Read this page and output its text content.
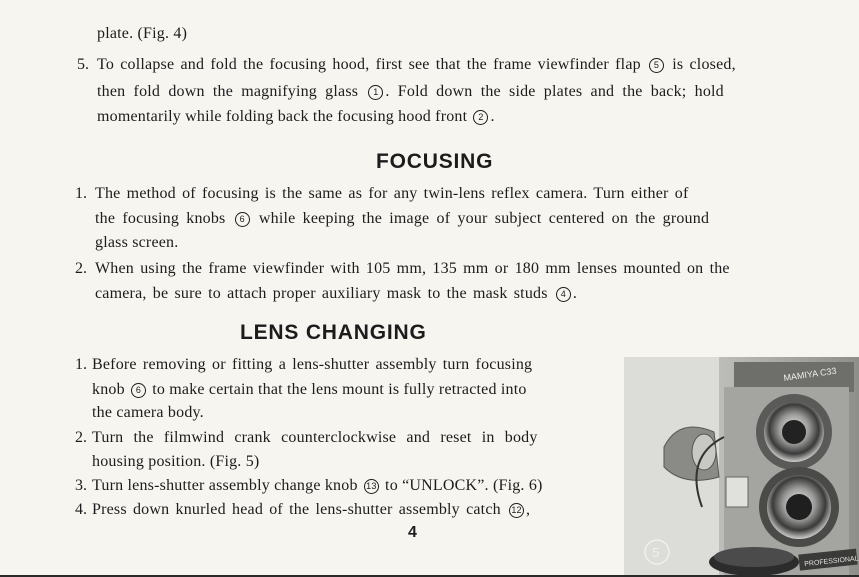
plate. (Fig. 4)
5. To collapse and fold the focusing hood, first see that the frame viewfinder flap 5 is closed,
then fold down the magnifying glass 1 . Fold down the side plates and the back; hold
momentarily while folding back the focusing hood front 2 .
FOCUSING
1. The method of focusing is the same as for any twin-lens reflex camera. Turn either of
the focusing knobs 6 while keeping the image of your subject centered on the ground
glass screen.
2. When using the frame viewfinder with 105 mm, 135 mm or 180 mm lenses mounted on the
camera, be sure to attach proper auxiliary mask to the mask studs 4 .
LENS CHANGING
1. Before removing or fitting a lens-shutter assembly turn focusing
knob 6 to make certain that the lens mount is fully retracted into
the camera body.
2. Turn the filmwind crank counterclockwise and reset in body
housing position. (Fig. 5)
3. Turn lens-shutter assembly change knob 13 to “UNLOCK”. (Fig. 6)
4. Press down knurled head of the lens-shutter assembly catch 12 ,
4
MAMIYA C33
PROFESSIONAL
5
